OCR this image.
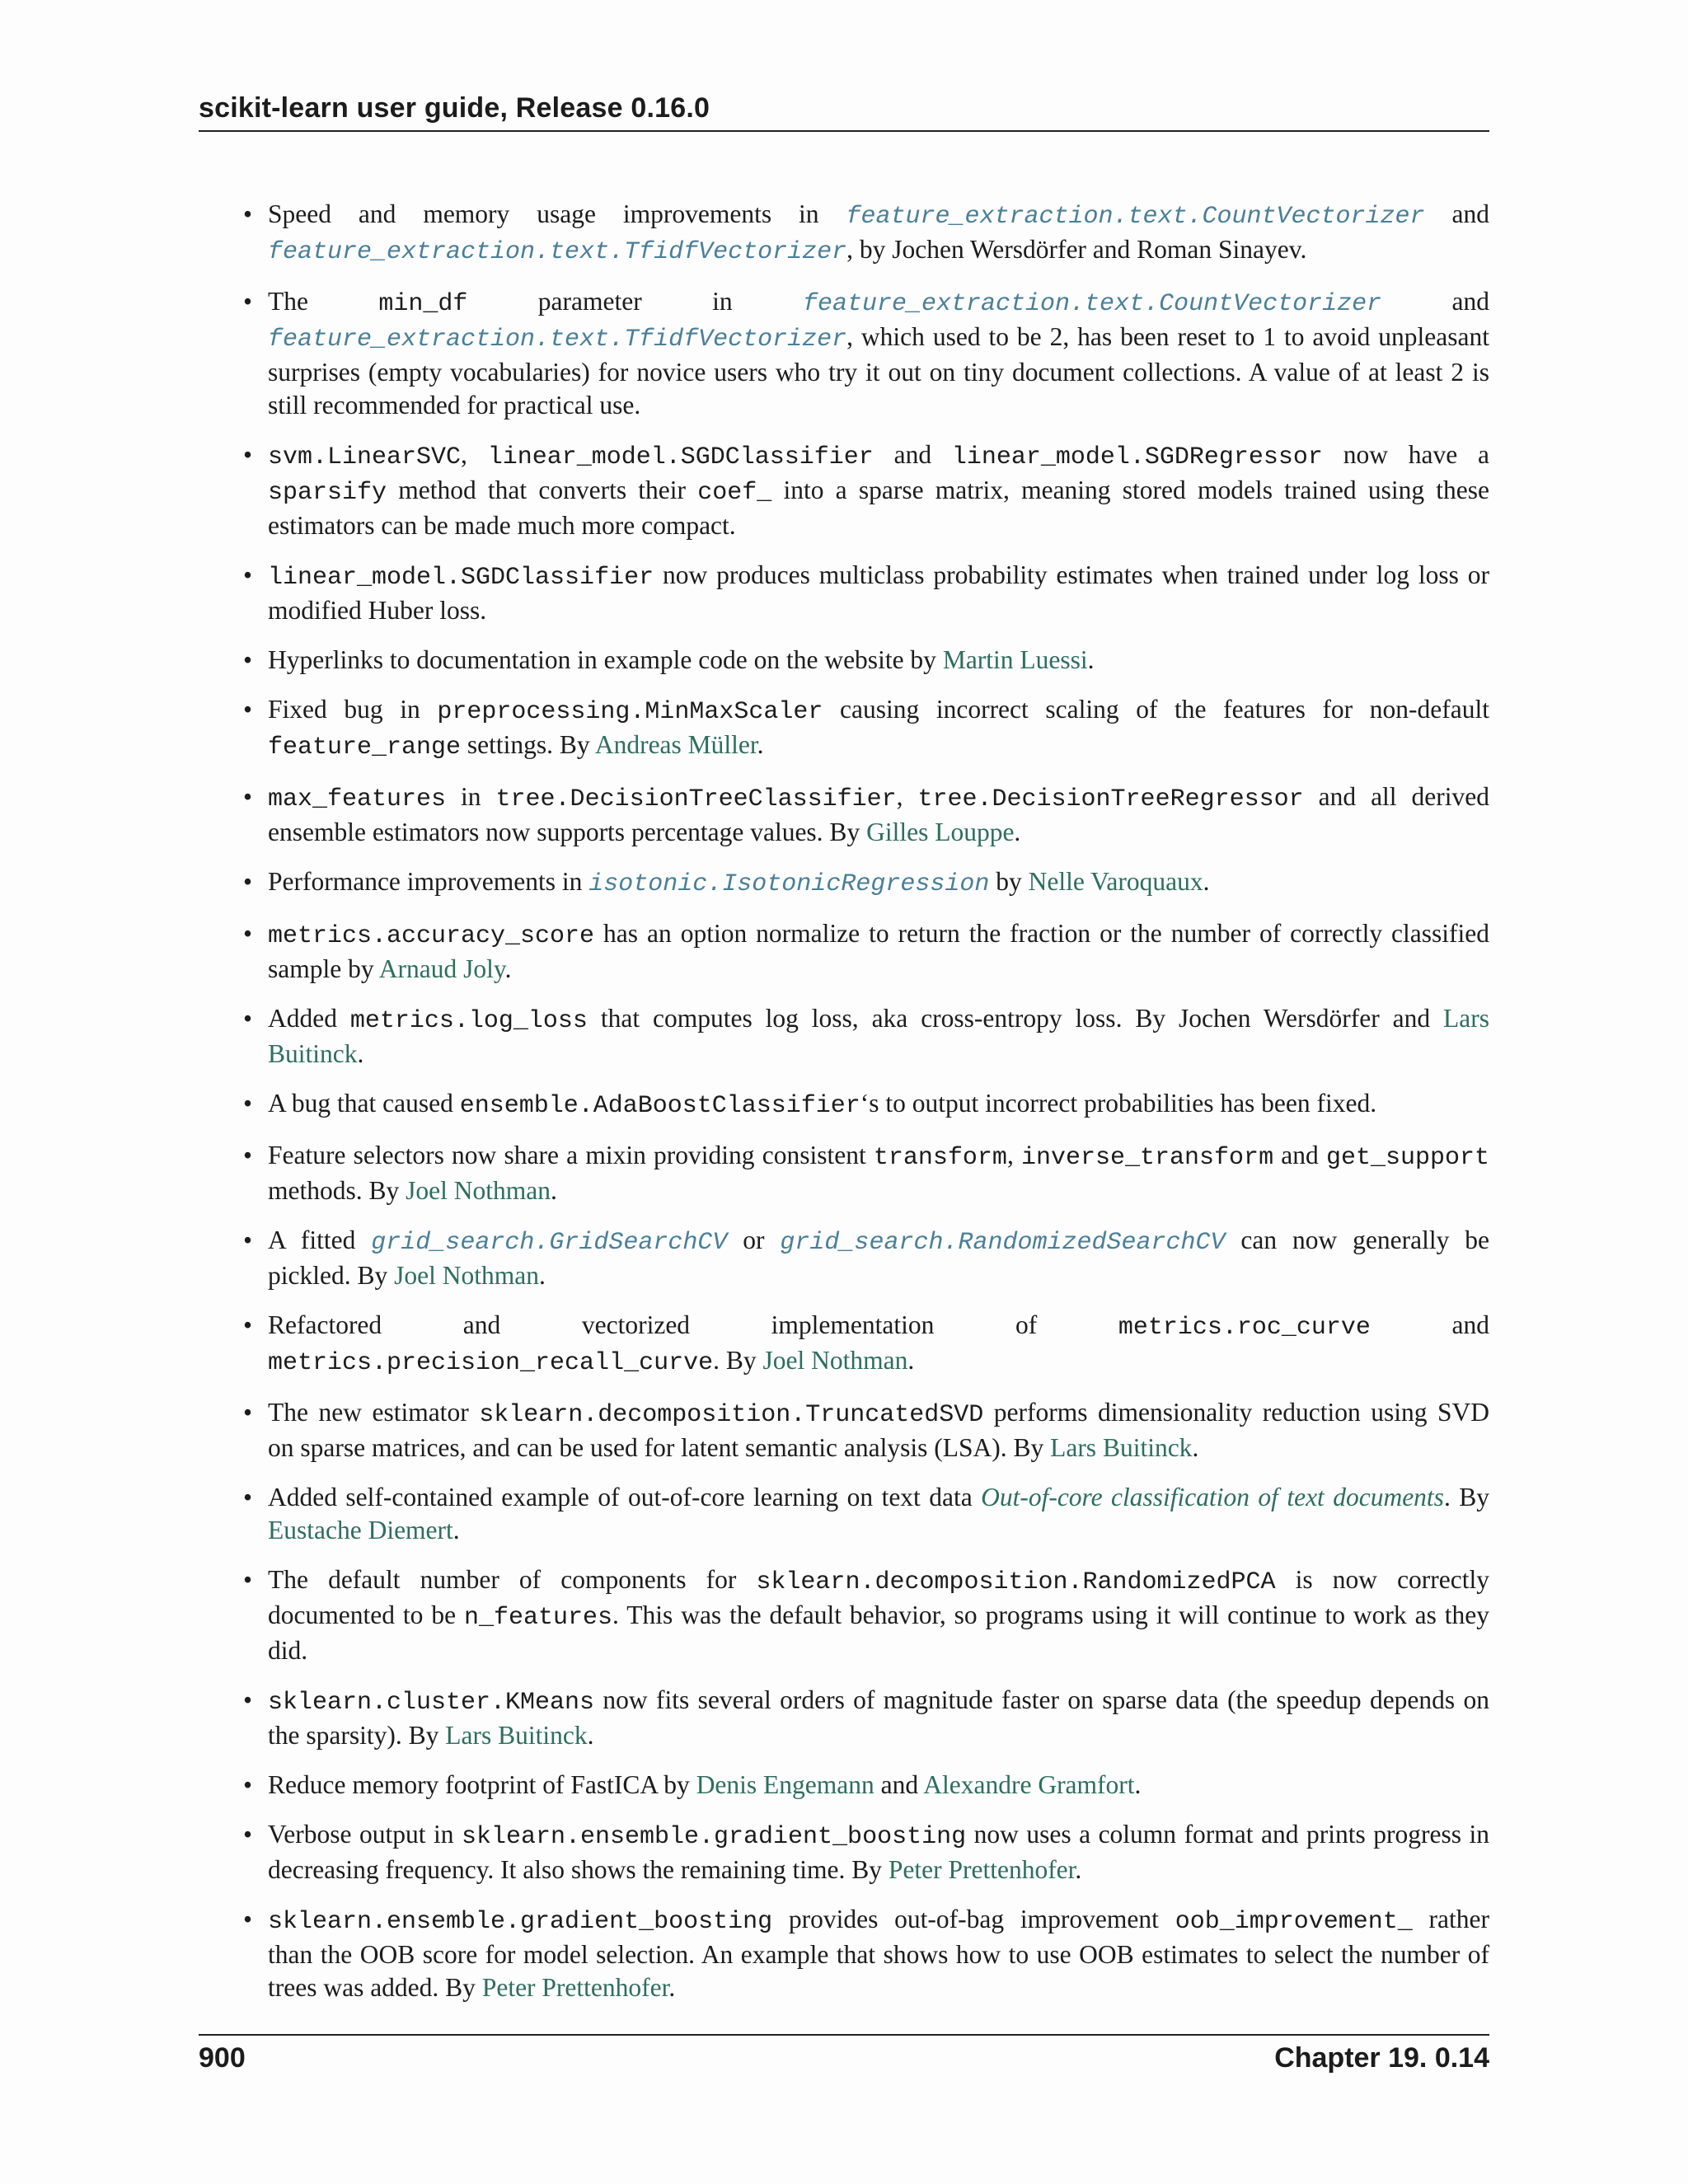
scikit-learn user guide, Release 0.16.0
• Speed and memory usage improvements in feature_extraction.text.CountVectorizer and feature_extraction.text.TfidfVectorizer, by Jochen Wersdörfer and Roman Sinayev.
• The min_df parameter in feature_extraction.text.CountVectorizer and feature_extraction.text.TfidfVectorizer, which used to be 2, has been reset to 1 to avoid unpleasant surprises (empty vocabularies) for novice users who try it out on tiny document collections. A value of at least 2 is still recommended for practical use.
• svm.LinearSVC, linear_model.SGDClassifier and linear_model.SGDRegressor now have a sparsify method that converts their coef_ into a sparse matrix, meaning stored models trained using these estimators can be made much more compact.
• linear_model.SGDClassifier now produces multiclass probability estimates when trained under log loss or modified Huber loss.
• Hyperlinks to documentation in example code on the website by Martin Luessi.
• Fixed bug in preprocessing.MinMaxScaler causing incorrect scaling of the features for non-default feature_range settings. By Andreas Müller.
• max_features in tree.DecisionTreeClassifier, tree.DecisionTreeRegressor and all derived ensemble estimators now supports percentage values. By Gilles Louppe.
• Performance improvements in isotonic.IsotonicRegression by Nelle Varoquaux.
• metrics.accuracy_score has an option normalize to return the fraction or the number of correctly classified sample by Arnaud Joly.
• Added metrics.log_loss that computes log loss, aka cross-entropy loss. By Jochen Wersdörfer and Lars Buitinck.
• A bug that caused ensemble.AdaBoostClassifier‘s to output incorrect probabilities has been fixed.
• Feature selectors now share a mixin providing consistent transform, inverse_transform and get_support methods. By Joel Nothman.
• A fitted grid_search.GridSearchCV or grid_search.RandomizedSearchCV can now generally be pickled. By Joel Nothman.
• Refactored and vectorized implementation of metrics.roc_curve and metrics.precision_recall_curve. By Joel Nothman.
• The new estimator sklearn.decomposition.TruncatedSVD performs dimensionality reduction using SVD on sparse matrices, and can be used for latent semantic analysis (LSA). By Lars Buitinck.
• Added self-contained example of out-of-core learning on text data Out-of-core classification of text documents. By Eustache Diemert.
• The default number of components for sklearn.decomposition.RandomizedPCA is now correctly documented to be n_features. This was the default behavior, so programs using it will continue to work as they did.
• sklearn.cluster.KMeans now fits several orders of magnitude faster on sparse data (the speedup depends on the sparsity). By Lars Buitinck.
• Reduce memory footprint of FastICA by Denis Engemann and Alexandre Gramfort.
• Verbose output in sklearn.ensemble.gradient_boosting now uses a column format and prints progress in decreasing frequency. It also shows the remaining time. By Peter Prettenhofer.
• sklearn.ensemble.gradient_boosting provides out-of-bag improvement oob_improvement_ rather than the OOB score for model selection. An example that shows how to use OOB estimates to select the number of trees was added. By Peter Prettenhofer.
900	Chapter 19. 0.14
